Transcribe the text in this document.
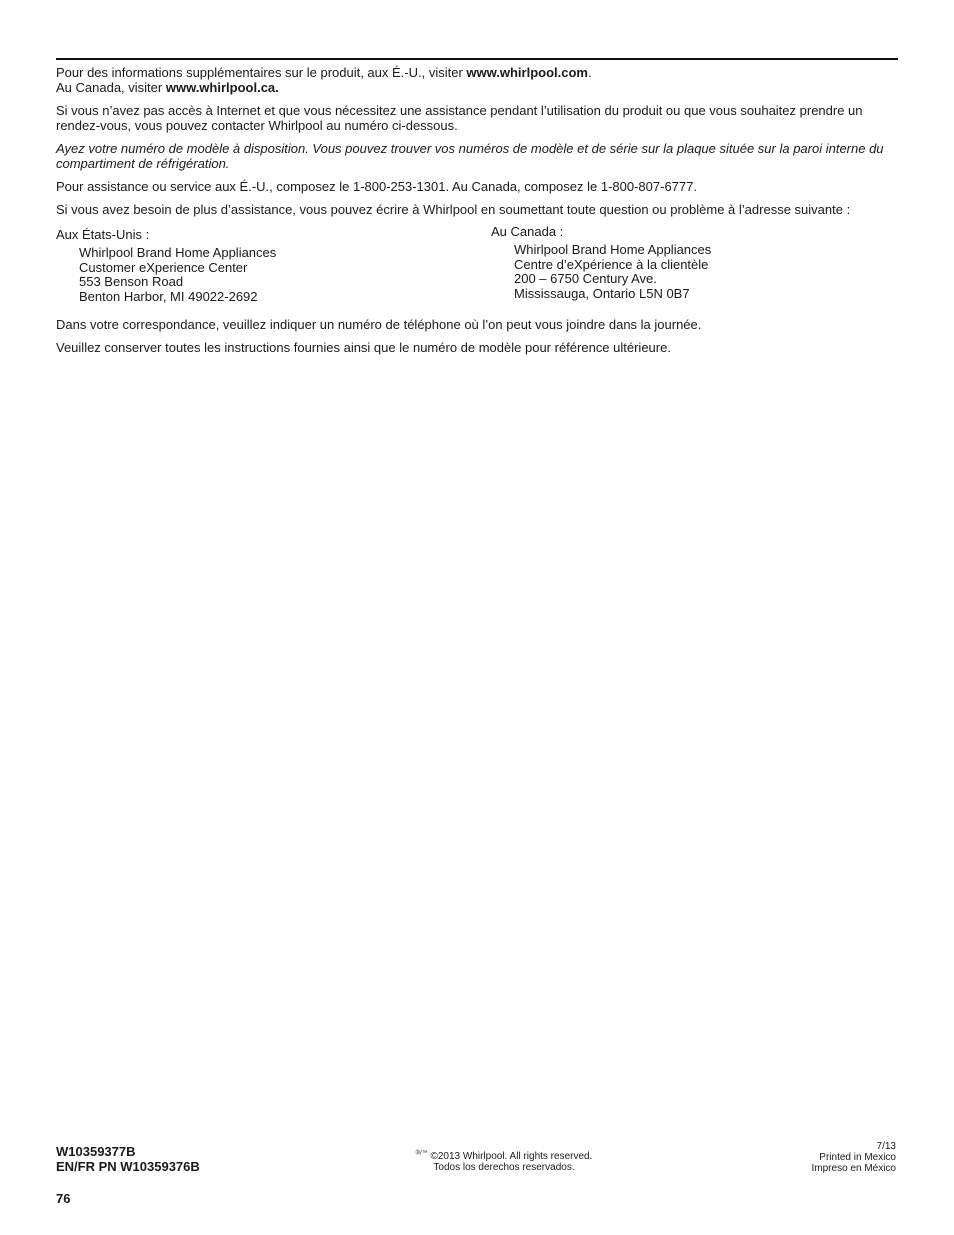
Pour des informations supplémentaires sur le produit, aux É.-U., visiter www.whirlpool.com.
Au Canada, visiter www.whirlpool.ca.

Si vous n’avez pas accès à Internet et que vous nécessitez une assistance pendant l’utilisation du produit ou que vous souhaitez prendre un rendez-vous, vous pouvez contacter Whirlpool au numéro ci-dessous.

Ayez votre numéro de modèle à disposition. Vous pouvez trouver vos numéros de modèle et de série sur la plaque située sur la paroi interne du compartiment de réfrigération.

Pour assistance ou service aux É.-U., composez le 1-800-253-1301. Au Canada, composez le 1-800-807-6777.

Si vous avez besoin de plus d’assistance, vous pouvez écrire à Whirlpool en soumettant toute question ou problème à l’adresse suivante :

Aux États-Unis :
Whirlpool Brand Home Appliances
Customer eXperience Center
553 Benson Road
Benton Harbor, MI 49022-2692
Au Canada :
Whirlpool Brand Home Appliances
Centre d’eXpérience à la clientèle
200 – 6750 Century Ave.
Mississauga, Ontario L5N 0B7

Dans votre correspondance, veuillez indiquer un numéro de téléphone où l’on peut vous joindre dans la journée.

Veuillez conserver toutes les instructions fournies ainsi que le numéro de modèle pour référence ultérieure.

W10359377B
EN/FR PN W10359376B
®/™ ©2013 Whirlpool. All rights reserved.
Todos los derechos reservados.
7/13
Printed in Mexico
Impreso en México
76
